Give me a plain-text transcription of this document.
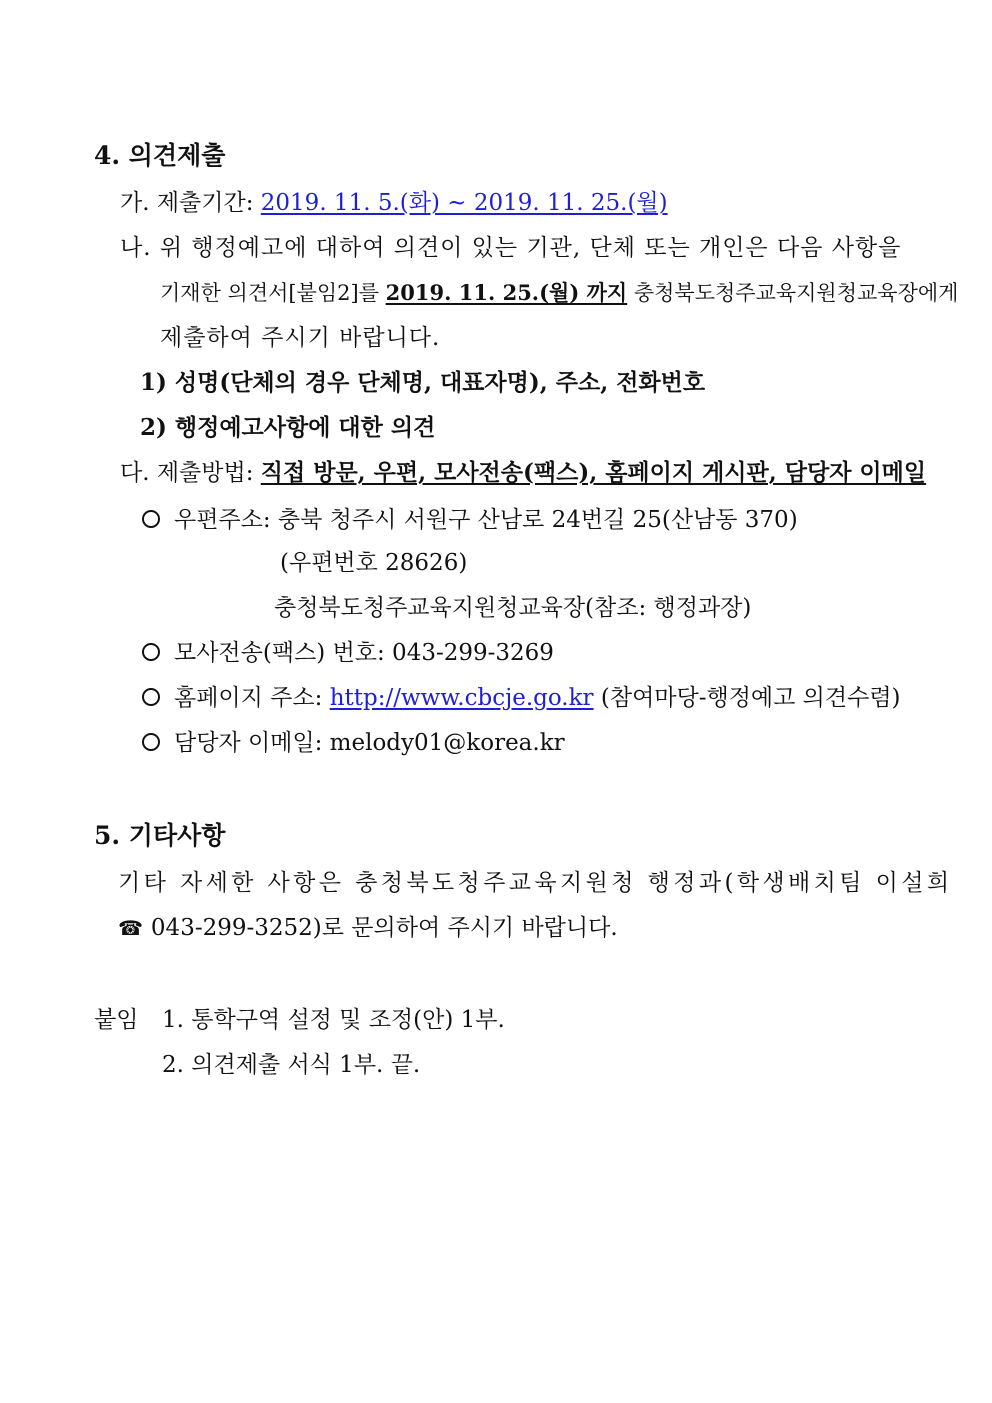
4. 의견제출
가. 제출기간: 2019. 11. 5.(화) ~ 2019. 11. 25.(월)
나. 위 행정예고에 대하여 의견이 있는 기관, 단체 또는 개인은 다음 사항을
기재한 의견서[붙임2]를 2019. 11. 25.(월) 까지 충청북도청주교육지원청교육장에게
제출하여 주시기 바랍니다.
1) 성명(단체의 경우 단체명, 대표자명), 주소, 전화번호
2) 행정예고사항에 대한 의견
다. 제출방법: 직접 방문, 우편, 모사전송(팩스), 홈페이지 게시판, 담당자 이메일
우편주소: 충북 청주시 서원구 산남로 24번길 25(산남동 370)
(우편번호 28626)
충청북도청주교육지원청교육장(참조: 행정과장)
모사전송(팩스) 번호: 043-299-3269
홈페이지 주소: http://www.cbcje.go.kr (참여마당-행정예고 의견수렴)
담당자 이메일: melody01@korea.kr
5. 기타사항
기타 자세한 사항은 충청북도청주교육지원청 행정과(학생배치팀 이설희
☎ 043-299-3252)로 문의하여 주시기 바랍니다.
붙임 1. 통학구역 설정 및 조정(안) 1부.
2. 의견제출 서식 1부. 끝.
